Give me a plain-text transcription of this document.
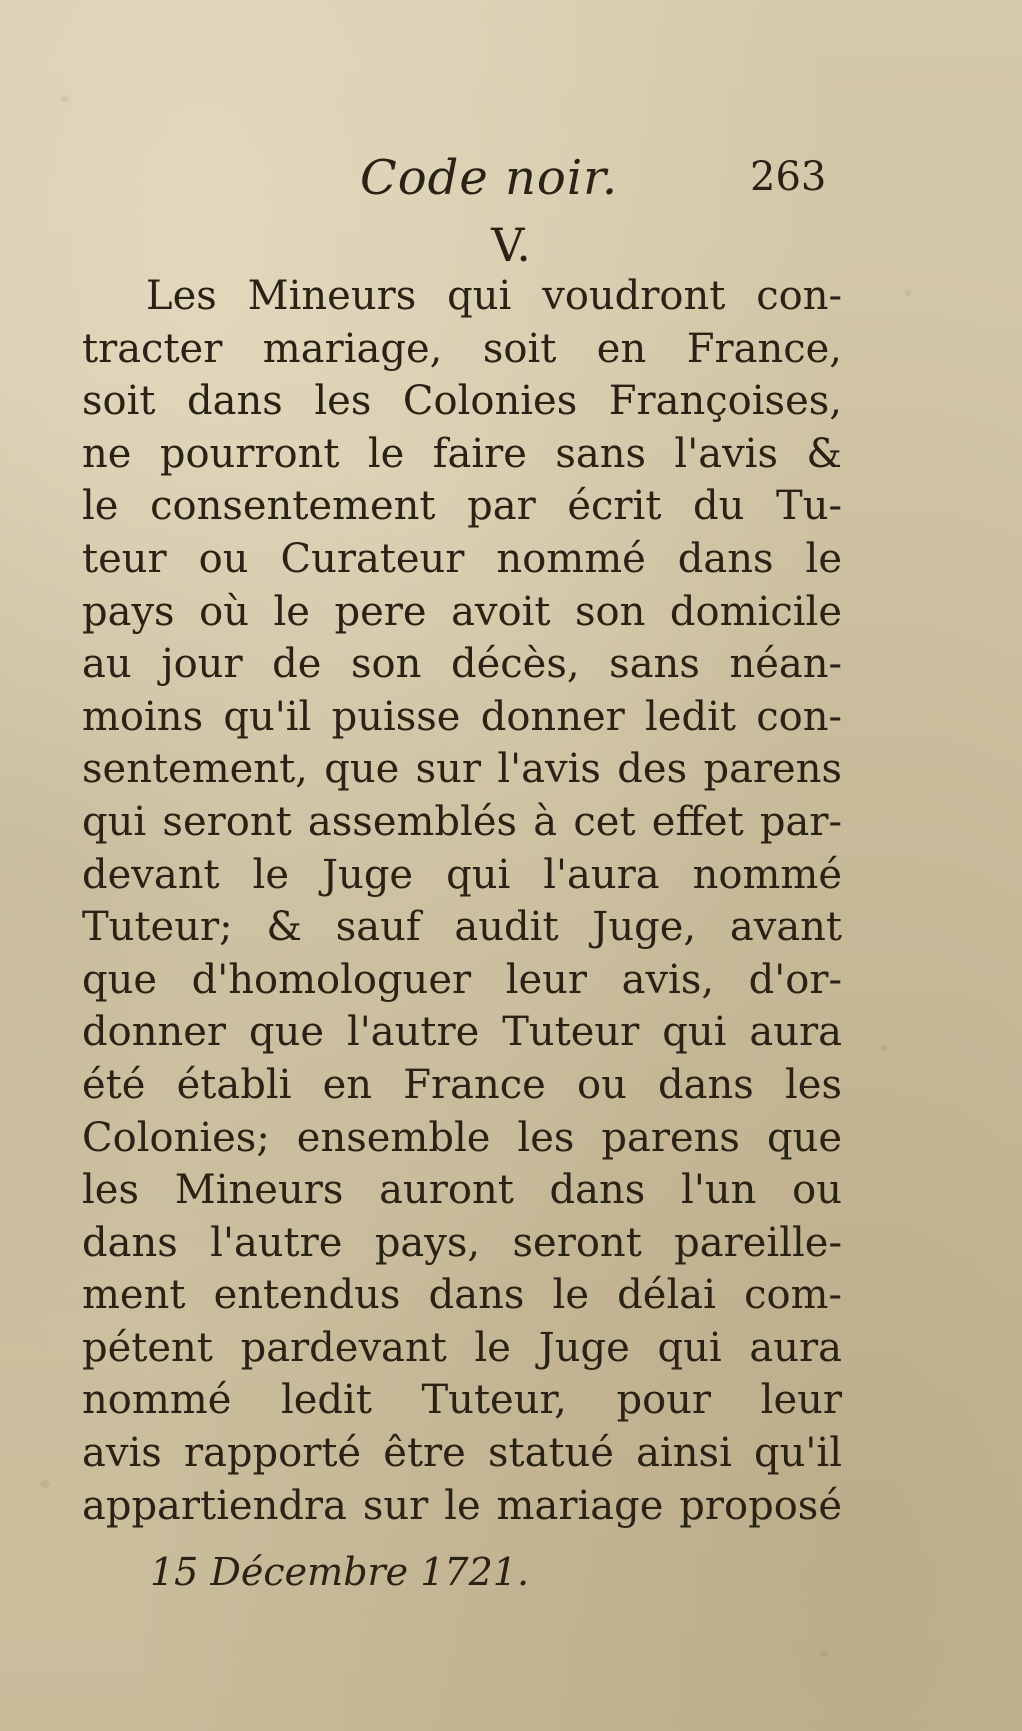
Code noir.	263
V.
Les Mineurs qui voudront con-
tracter mariage, soit en France,
soit dans les Colonies Françoises,
ne pourront le faire sans l'avis &
le consentement par écrit du Tu-
teur ou Curateur nommé dans le
pays où le pere avoit son domicile
au jour de son décès, sans néan-
moins qu'il puisse donner ledit con-
sentement, que sur l'avis des parens
qui seront assemblés à cet effet par-
devant le Juge qui l'aura nommé
Tuteur; & sauf audit Juge, avant
que d'homologuer leur avis, d'or-
donner que l'autre Tuteur qui aura
été établi en France ou dans les
Colonies; ensemble les parens que
les Mineurs auront dans l'un ou
dans l'autre pays, seront pareille-
ment entendus dans le délai com-
pétent pardevant le Juge qui aura
nommé ledit Tuteur, pour leur
avis rapporté être statué ainsi qu'il
appartiendra sur le mariage proposé
15 Décembre 1721.
